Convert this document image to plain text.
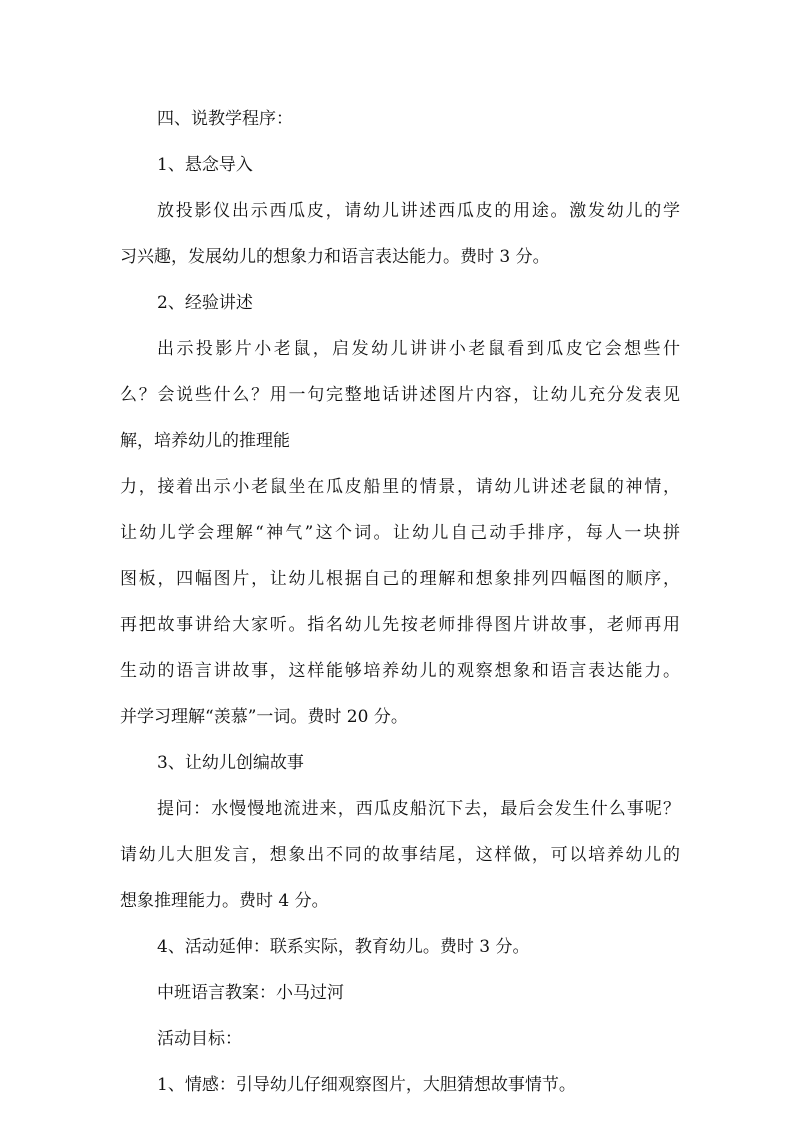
四、说教学程序：
1、悬念导入
放投影仪出示西瓜皮，请幼儿讲述西瓜皮的用途。激发幼儿的学
习兴趣，发展幼儿的想象力和语言表达能力。费时 3 分。
2、经验讲述
出示投影片小老鼠，启发幼儿讲讲小老鼠看到瓜皮它会想些什
么？会说些什么？用一句完整地话讲述图片内容，让幼儿充分发表见
解，培养幼儿的推理能
力，接着出示小老鼠坐在瓜皮船里的情景，请幼儿讲述老鼠的神情，
让幼儿学会理解“神气”这个词。让幼儿自己动手排序，每人一块拼
图板，四幅图片，让幼儿根据自己的理解和想象排列四幅图的顺序，
再把故事讲给大家听。指名幼儿先按老师排得图片讲故事，老师再用
生动的语言讲故事，这样能够培养幼儿的观察想象和语言表达能力。
并学习理解“羡慕”一词。费时 20 分。
3、让幼儿创编故事
提问：水慢慢地流进来，西瓜皮船沉下去，最后会发生什么事呢？
请幼儿大胆发言，想象出不同的故事结尾，这样做，可以培养幼儿的
想象推理能力。费时 4 分。
4、活动延伸：联系实际，教育幼儿。费时 3 分。
中班语言教案：小马过河
活动目标：
1、情感：引导幼儿仔细观察图片，大胆猜想故事情节。
